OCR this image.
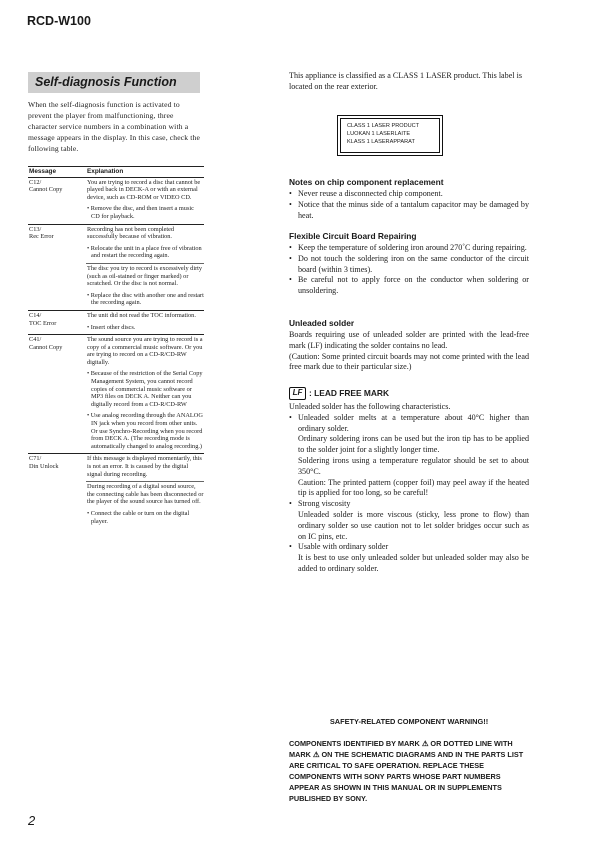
RCD-W100
Self-diagnosis Function
When the self-diagnosis function is activated to prevent the player from malfunctioning, three character service numbers in a combination with a message appears in the display. In this case, check the following table.
Message	Explanation
C12/
Cannot Copy	You are trying to record a disc that cannot be played back in DECK-A or with an external device, such as CD-ROM or VIDEO CD.
	• Remove the disc, and then insert a music CD for playback.
C13/
Rec Error	Recording has not been completed successfully because of vibration.
	• Relocate the unit in a place free of vibration and restart the recording again.
	The disc you try to record is excessively dirty (such as oil-stained or finger marked) or scratched. Or the disc is not normal.
	• Replace the disc with another one and restart the recording again.
C14/
TOC Error	The unit did not read the TOC information.
	• Insert other discs.
C41/
Cannot Copy	The sound source you are trying to record is a copy of a commercial music software. Or you are trying to record on a CD-R/CD-RW digitally.
	• Because of the restriction of the Serial Copy Management System, you cannot record copies of commercial music software or MP3 files on DECK A. Neither can you digitally record from a CD-R/CD-RW
	• Use analog recording through the ANALOG IN jack when you record from other units. Or use Synchro-Recording when you record from DECK A. (The recording mode is automatically changed to analog recording.)
C71/
Din Unlock	If this message is displayed momentarily, this is not an error. It is caused by the digital signal during recording.
	During recording of a digital sound source, the connecting cable has been disconnected or the player of the sound source has turned off.
	• Connect the cable or turn on the digital player.
This appliance is classified as a CLASS 1 LASER product. This label is located on the rear exterior.
CLASS 1 LASER PRODUCT
LUOKAN 1 LASERLAITE
KLASS 1 LASERAPPARAT
Notes on chip component replacement
• Never reuse a disconnected chip component.
• Notice that the minus side of a tantalum capacitor may be damaged by heat.
Flexible Circuit Board Repairing
• Keep the temperature of soldering iron around 270˚C during repairing.
• Do not touch the soldering iron on the same conductor of the circuit board (within 3 times).
• Be careful not to apply force on the conductor when soldering or unsoldering.
Unleaded solder

Boards requiring use of unleaded solder are printed with the lead-free mark (LF) indicating the solder contains no lead.

(Caution: Some printed circuit boards may not come printed with the lead free mark due to their particular size.)

LF : LEAD FREE MARK

Unleaded solder has the following characteristics.

• Unleaded solder melts at a temperature about 40°C higher than ordinary solder.
Ordinary soldering irons can be used but the iron tip has to be applied to the solder joint for a slightly longer time.
Soldering irons using a temperature regulator should be set to about 350°C.
Caution: The printed pattern (copper foil) may peel away if the heated tip is applied for too long, so be careful!
• Strong viscosity
Unleaded solder is more viscous (sticky, less prone to flow) than ordinary solder so use caution not to let solder bridges occur such as on IC pins, etc.
• Usable with ordinary solder
It is best to use only unleaded solder but unleaded solder may also be added to ordinary solder.
SAFETY-RELATED COMPONENT WARNING!!
COMPONENTS IDENTIFIED BY MARK ⚠ OR DOTTED LINE WITH MARK ⚠ ON THE SCHEMATIC DIAGRAMS AND IN THE PARTS LIST ARE CRITICAL TO SAFE OPERATION. REPLACE THESE COMPONENTS WITH SONY PARTS WHOSE PART NUMBERS APPEAR AS SHOWN IN THIS MANUAL OR IN SUPPLEMENTS PUBLISHED BY SONY.
2
